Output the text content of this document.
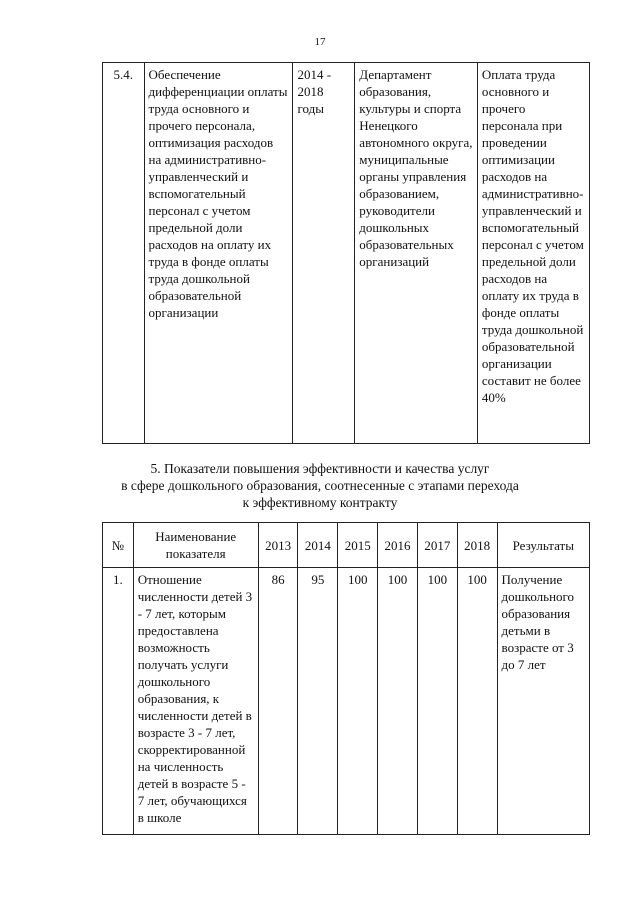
17
5.4.	Обеспечение дифференциации оплаты труда основного и прочего персонала, оптимизация расходов на административно-управленческий и вспомогательный персонал с учетом предельной доли расходов на оплату их труда в фонде оплаты труда дошкольной образовательной организации	2014 - 2018 годы	Департамент образования, культуры и спорта Ненецкого автономного округа, муниципальные органы управления образованием, руководители дошкольных образовательных организаций	Оплата труда основного и прочего персонала при проведении оптимизации расходов на административно-управленческий и вспомогательный персонал с учетом предельной доли расходов на оплату их труда в фонде оплаты труда дошкольной образовательной организации составит не более 40%
5. Показатели повышения эффективности и качества услуг
в сфере дошкольного образования, соотнесенные с этапами перехода
к эффективному контракту
№	Наименование показателя	2013	2014	2015	2016	2017	2018	Результаты
1.	Отношение численности детей 3 - 7 лет, которым предоставлена возможность получать услуги дошкольного образования, к численности детей в возрасте 3 - 7 лет, скорректированной на численность детей в возрасте 5 - 7 лет, обучающихся в школе	86	95	100	100	100	100	Получение дошкольного образования детьми в возрасте от 3 до 7 лет
